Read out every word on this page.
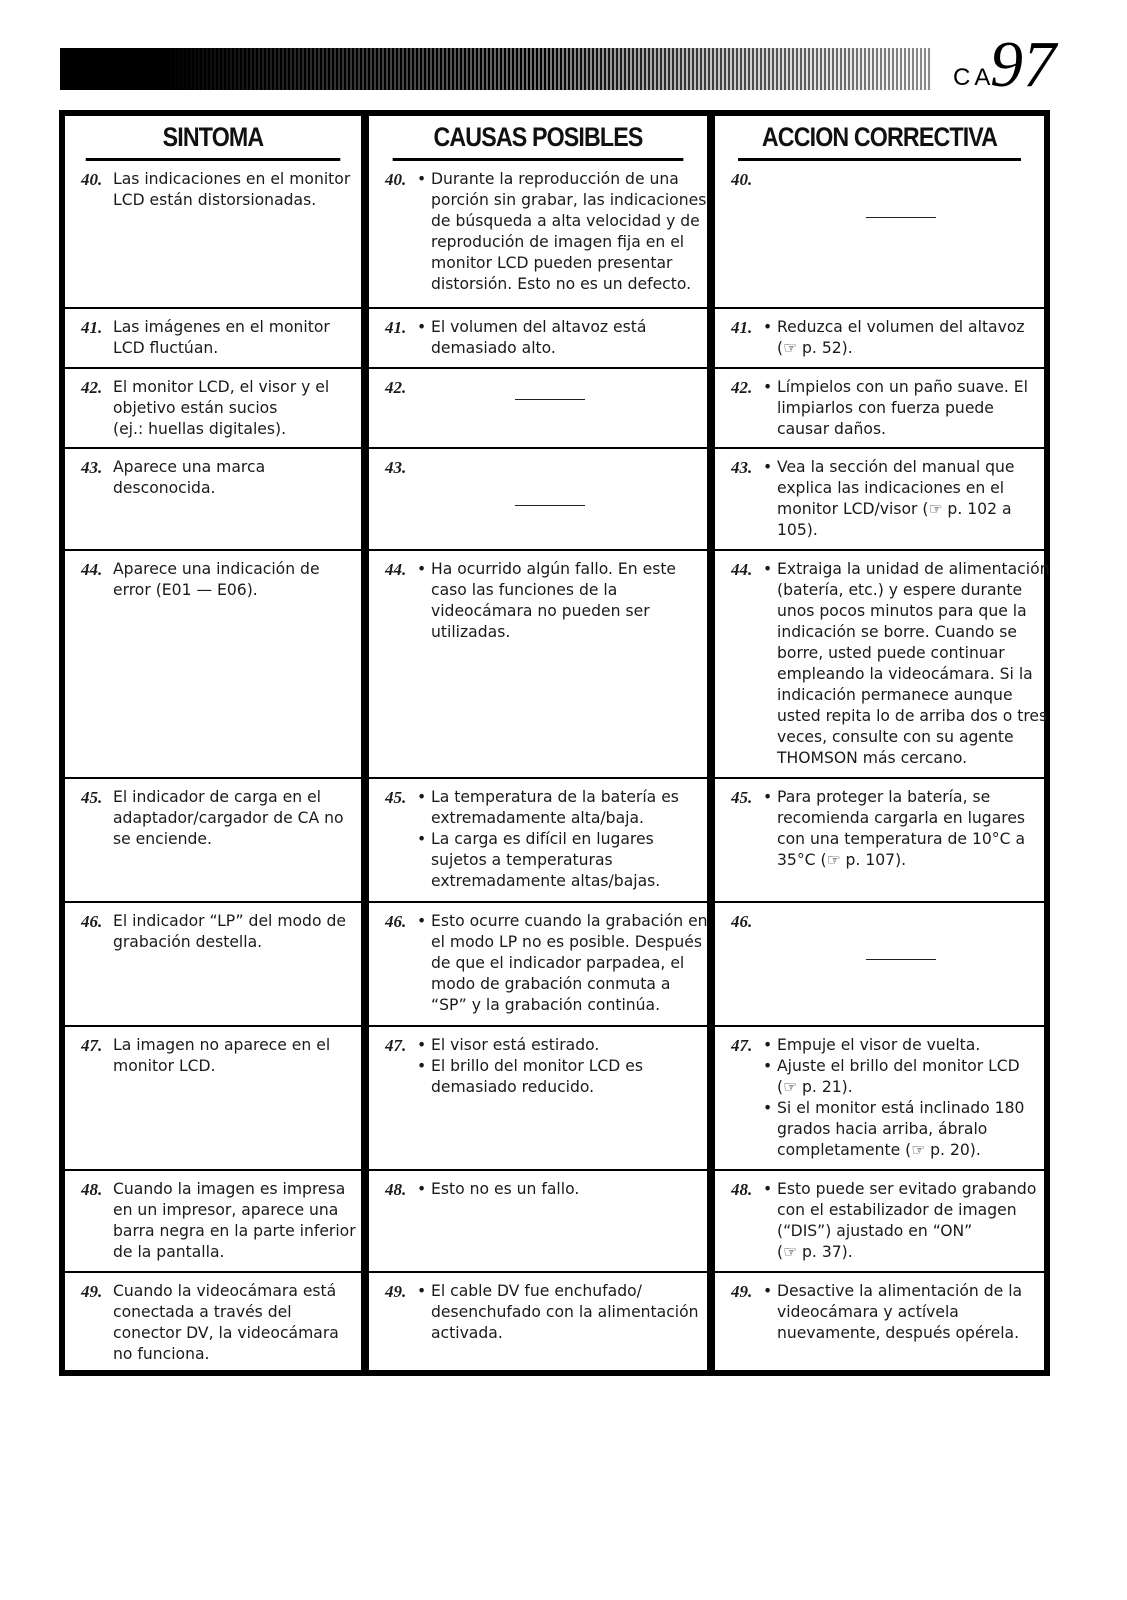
CA
97
SINTOMA
40. Las indicaciones en el monitor
LCD están distorsionadas.
41. Las imágenes en el monitor
LCD fluctúan.
42. El monitor LCD, el visor y el
objetivo están sucios
(ej.: huellas digitales).
43. Aparece una marca
desconocida.
44. Aparece una indicación de
error (E01 — E06).
45. El indicador de carga en el
adaptador/cargador de CA no
se enciende.
46. El indicador “LP” del modo de
grabación destella.
47. La imagen no aparece en el
monitor LCD.
48. Cuando la imagen es impresa
en un impresor, aparece una
barra negra en la parte inferior
de la pantalla.
49. Cuando la videocámara está
conectada a través del
conector DV, la videocámara
no funciona.
CAUSAS POSIBLES
40. • Durante la reproducción de una
porción sin grabar, las indicaciones
de búsqueda a alta velocidad y de
reprodución de imagen fija en el
monitor LCD pueden presentar
distorsión. Esto no es un defecto.
41. • El volumen del altavoz está
demasiado alto.
42.
43.
44. • Ha ocurrido algún fallo. En este
caso las funciones de la
videocámara no pueden ser
utilizadas.
45. • La temperatura de la batería es
extremadamente alta/baja.
• La carga es difícil en lugares
sujetos a temperaturas
extremadamente altas/bajas.
46. • Esto ocurre cuando la grabación en
el modo LP no es posible. Después
de que el indicador parpadea, el
modo de grabación conmuta a
“SP” y la grabación continúa.
47. • El visor está estirado.
• El brillo del monitor LCD es
demasiado reducido.
48. • Esto no es un fallo.
49. • El cable DV fue enchufado/
desenchufado con la alimentación
activada.
ACCION CORRECTIVA
40.
41. • Reduzca el volumen del altavoz
(☞ p. 52).
42. • Límpielos con un paño suave. El
limpiarlos con fuerza puede
causar daños.
43. • Vea la sección del manual que
explica las indicaciones en el
monitor LCD/visor (☞ p. 102 a
105).
44. • Extraiga la unidad de alimentación
(batería, etc.) y espere durante
unos pocos minutos para que la
indicación se borre. Cuando se
borre, usted puede continuar
empleando la videocámara. Si la
indicación permanece aunque
usted repita lo de arriba dos o tres
veces, consulte con su agente
THOMSON más cercano.
45. • Para proteger la batería, se
recomienda cargarla en lugares
con una temperatura de 10°C a
35°C (☞ p. 107).
46.
47. • Empuje el visor de vuelta.
• Ajuste el brillo del monitor LCD
(☞ p. 21).
• Si el monitor está inclinado 180
grados hacia arriba, ábralo
completamente (☞ p. 20).
48. • Esto puede ser evitado grabando
con el estabilizador de imagen
(“DIS”) ajustado en “ON”
(☞ p. 37).
49. • Desactive la alimentación de la
videocámara y actívela
nuevamente, después opérela.
